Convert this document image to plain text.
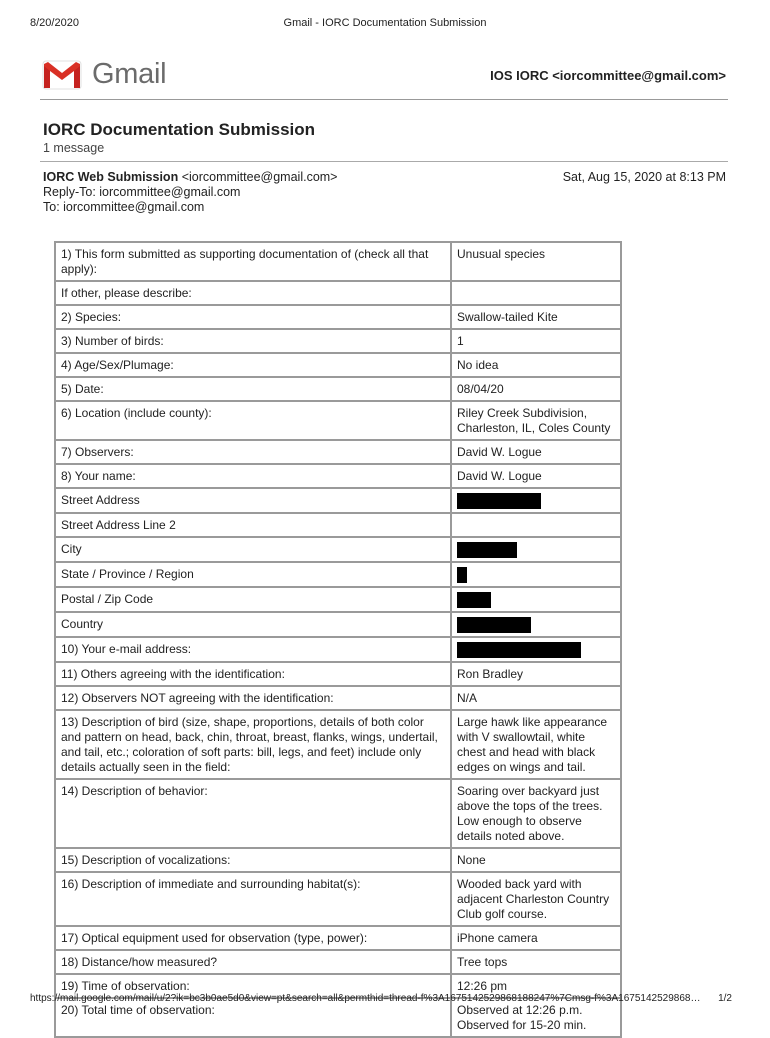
8/20/2020	Gmail - IORC Documentation Submission
Gmail	IOS IORC <iorcommittee@gmail.com>
IORC Documentation Submission
1 message
IORC Web Submission <iorcommittee@gmail.com>
Reply-To: iorcommittee@gmail.com
To: iorcommittee@gmail.com
Sat, Aug 15, 2020 at 8:13 PM
1) This form submitted as supporting documentation of (check all that apply):	Unusual species
If other, please describe:	
2) Species:	Swallow-tailed Kite
3) Number of birds:	1
4) Age/Sex/Plumage:	No idea
5) Date:	08/04/20
6) Location (include county):	Riley Creek Subdivision, Charleston, IL, Coles County
7) Observers:	David W. Logue
8) Your name:	David W. Logue
Street Address	
Street Address Line 2	
City	
State / Province / Region	
Postal / Zip Code	
Country	
10) Your e-mail address:	
11) Others agreeing with the identification:	Ron Bradley
12) Observers NOT agreeing with the identification:	N/A
13) Description of bird (size, shape, proportions, details of both color and pattern on head, back, chin, throat, breast, flanks, wings, undertail, and tail, etc.; coloration of soft parts: bill, legs, and feet) include only details actually seen in the field:	Large hawk like appearance with V swallowtail, white chest and head with black edges on wings and tail.
14) Description of behavior:	Soaring over backyard just above the tops of the trees. Low enough to observe details noted above.
15) Description of vocalizations:	None
16) Description of immediate and surrounding habitat(s):	Wooded back yard with adjacent Charleston Country Club golf course.
17) Optical equipment used for observation (type, power):	iPhone camera
18) Distance/how measured?	Tree tops
19) Time of observation:	12:26 pm
20) Total time of observation:	Observed at 12:26 p.m. Observed for 15-20 min.
https://mail.google.com/mail/u/2?ik=bc3b0ae5d0&view=pt&search=all&permthid=thread-f%3A1675142529868188247%7Cmsg-f%3A1675142529868… 1/2
